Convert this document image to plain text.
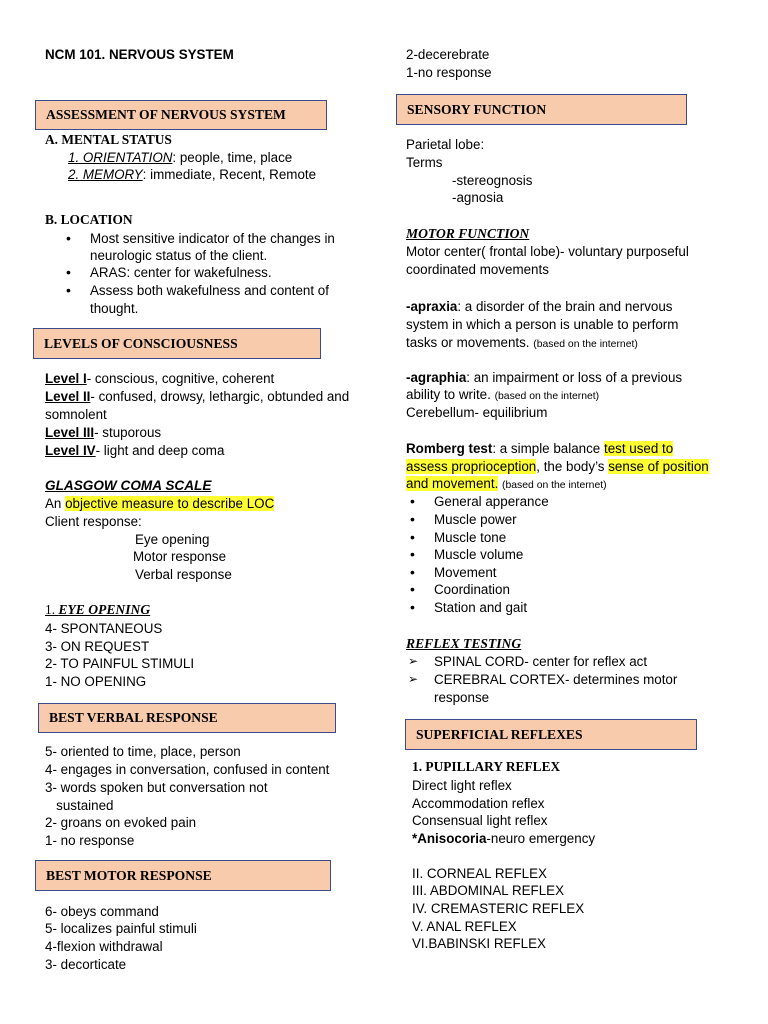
NCM 101. NERVOUS SYSTEM
ASSESSMENT OF NERVOUS SYSTEM
A. MENTAL STATUS
1. ORIENTATION: people, time, place
2. MEMORY: immediate, Recent, Remote
B. LOCATION
• Most sensitive indicator of the changes in
neurologic status of the client.
• ARAS: center for wakefulness.
• Assess both wakefulness and content of
thought.
LEVELS OF CONSCIOUSNESS
Level I- conscious, cognitive, coherent
Level II- confused, drowsy, lethargic, obtunded and
somnolent
Level III- stuporous
Level IV- light and deep coma
GLASGOW COMA SCALE
An objective measure to describe LOC
Client response:
Eye opening
Motor response
Verbal response
1. EYE OPENING
4- SPONTANEOUS
3- ON REQUEST
2- TO PAINFUL STIMULI
1- NO OPENING
BEST VERBAL RESPONSE
5- oriented to time, place, person
4- engages in conversation, confused in content
3- words spoken but conversation not
sustained
2- groans on evoked pain
1- no response
BEST MOTOR RESPONSE
6- obeys command
5- localizes painful stimuli
4-flexion withdrawal
3- decorticate
2-decerebrate
1-no response
SENSORY FUNCTION
Parietal lobe:
Terms
-stereognosis
-agnosia
MOTOR FUNCTION
Motor center( frontal lobe)- voluntary purposeful
coordinated movements
-apraxia: a disorder of the brain and nervous
system in which a person is unable to perform
tasks or movements. (based on the internet)
-agraphia: an impairment or loss of a previous
ability to write. (based on the internet)
Cerebellum- equilibrium
Romberg test: a simple balance test used to
assess proprioception, the body’s sense of position
and movement. (based on the internet)
• General apperance
• Muscle power
• Muscle tone
• Muscle volume
• Movement
• Coordination
• Station and gait
REFLEX TESTING
➢ SPINAL CORD- center for reflex act
➢ CEREBRAL CORTEX- determines motor
response
SUPERFICIAL REFLEXES
1. PUPILLARY REFLEX
Direct light reflex
Accommodation reflex
Consensual light reflex
*Anisocoria-neuro emergency
II. CORNEAL REFLEX
III. ABDOMINAL REFLEX
IV. CREMASTERIC REFLEX
V. ANAL REFLEX
VI.BABINSKI REFLEX
